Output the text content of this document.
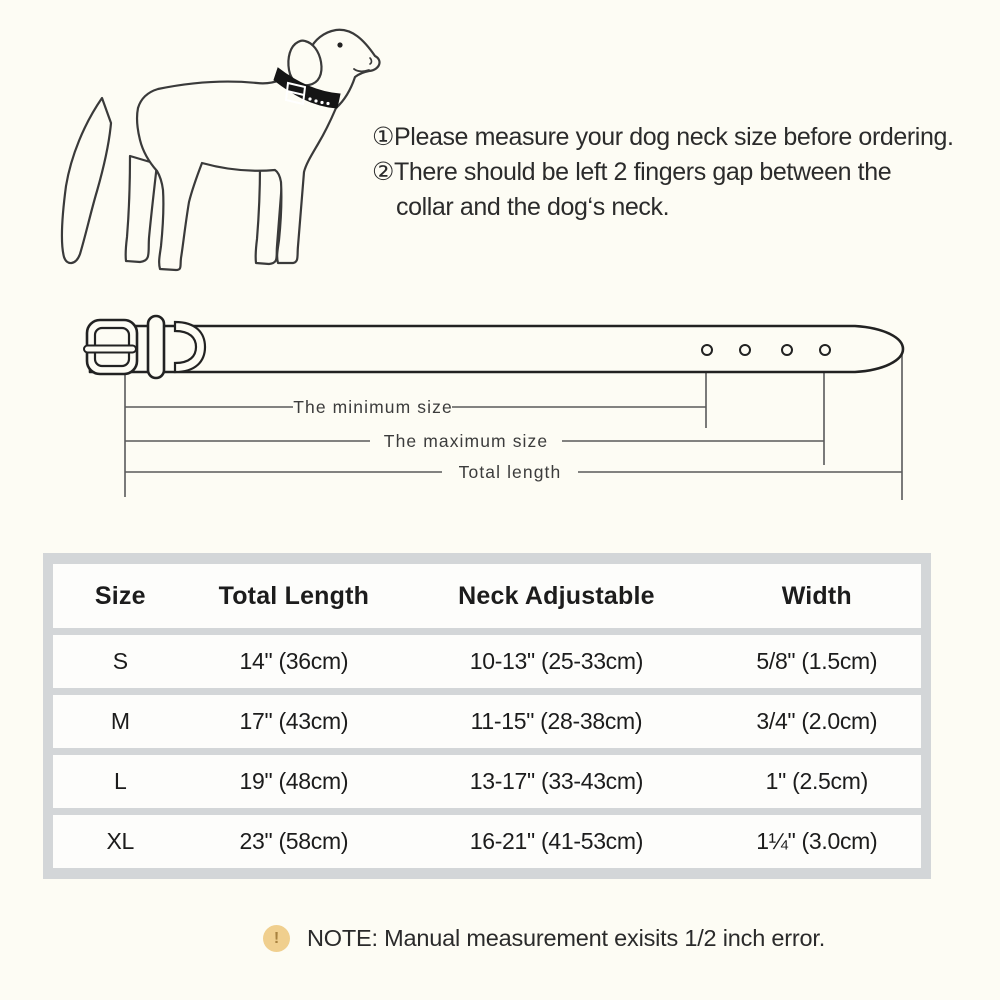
①Please measure your dog neck size before ordering.
②There should be left 2 fingers gap between the
collar and the dog‘s neck.
The minimum size
The maximum size
Total length
Size	Total Length	Neck Adjustable	Width
S	14" (36cm)	10-13" (25-33cm)	5/8" (1.5cm)
M	17" (43cm)	11-15" (28-38cm)	3/4" (2.0cm)
L	19" (48cm)	13-17" (33-43cm)	1" (2.5cm)
XL	23" (58cm)	16-21" (41-53cm)	1¼" (3.0cm)
!	NOTE: Manual measurement exisits 1/2 inch error.
